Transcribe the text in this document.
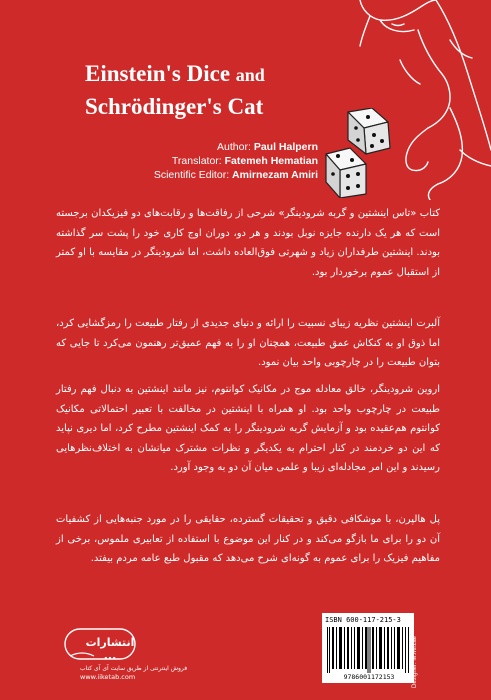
Einstein's Dice and
Schrödinger's Cat
Author: Paul Halpern
Translator: Fatemeh Hematian
Scientific Editor: Amirnezam Amiri

کتاب «تاس اینشتین و گربه شرودینگر» شرحی از رفاقت‌ها و رقابت‌های دو فیزیکدان برجسته است که هر یک دارنده جایزه نوبل بودند و هر دو، دوران اوج کاری خود را پشت سر گذاشته بودند. اینشتین طرفداران زیاد و شهرتی فوق‌العاده داشت، اما شرودینگر در مقایسه با او کمتر از استقبال عموم برخوردار بود.

آلبرت اینشتین نظریه زیبای نسبیت را ارائه و دنیای جدیدی از رفتار طبیعت را رمزگشایی کرد، اما ذوق او به کنکاش عمق طبیعت، همچنان او را به فهم عمیق‌تر رهنمون می‌کرد تا جایی که بتوان طبیعت را در چارچوبی واحد بیان نمود.

اروین شرودینگر، خالق معادله موج در مکانیک کوانتوم، نیز مانند اینشتین به دنبال فهم رفتار طبیعت در چارچوب واحد بود. او همراه با اینشتین در مخالفت با تعبیر احتمالاتی مکانیک کوانتوم هم‌عقیده بود و آزمایش گربه شرودینگر را به کمک اینشتین مطرح کرد، اما دیری نپاید که این دو خردمند در کنار احترام به یکدیگر و نظرات مشترک میانشان به اختلاف‌نظرهایی رسیدند و این امر مجادله‌ای زیبا و علمی میان آن دو به وجود آورد.

پل هالپرن، با موشکافی دقیق و تحقیقات گسترده، حقایقی را در مورد جنبه‌هایی از کشفیات آن دو را برای ما بازگو می‌کند و در کنار این موضوع با استفاده از تعابیری ملموس، برخی از مفاهیم فیزیک را برای عموم به گونه‌ای شرح می‌دهد که مقبول طبع عامه مردم بیفتد.

انتشارات ...
فروش اینترنتی از طریق سایت آی آی کتاب
www.iiketab.com
ISBN 600-117-215-3
9786001172153	Designer: M.Mirzae
